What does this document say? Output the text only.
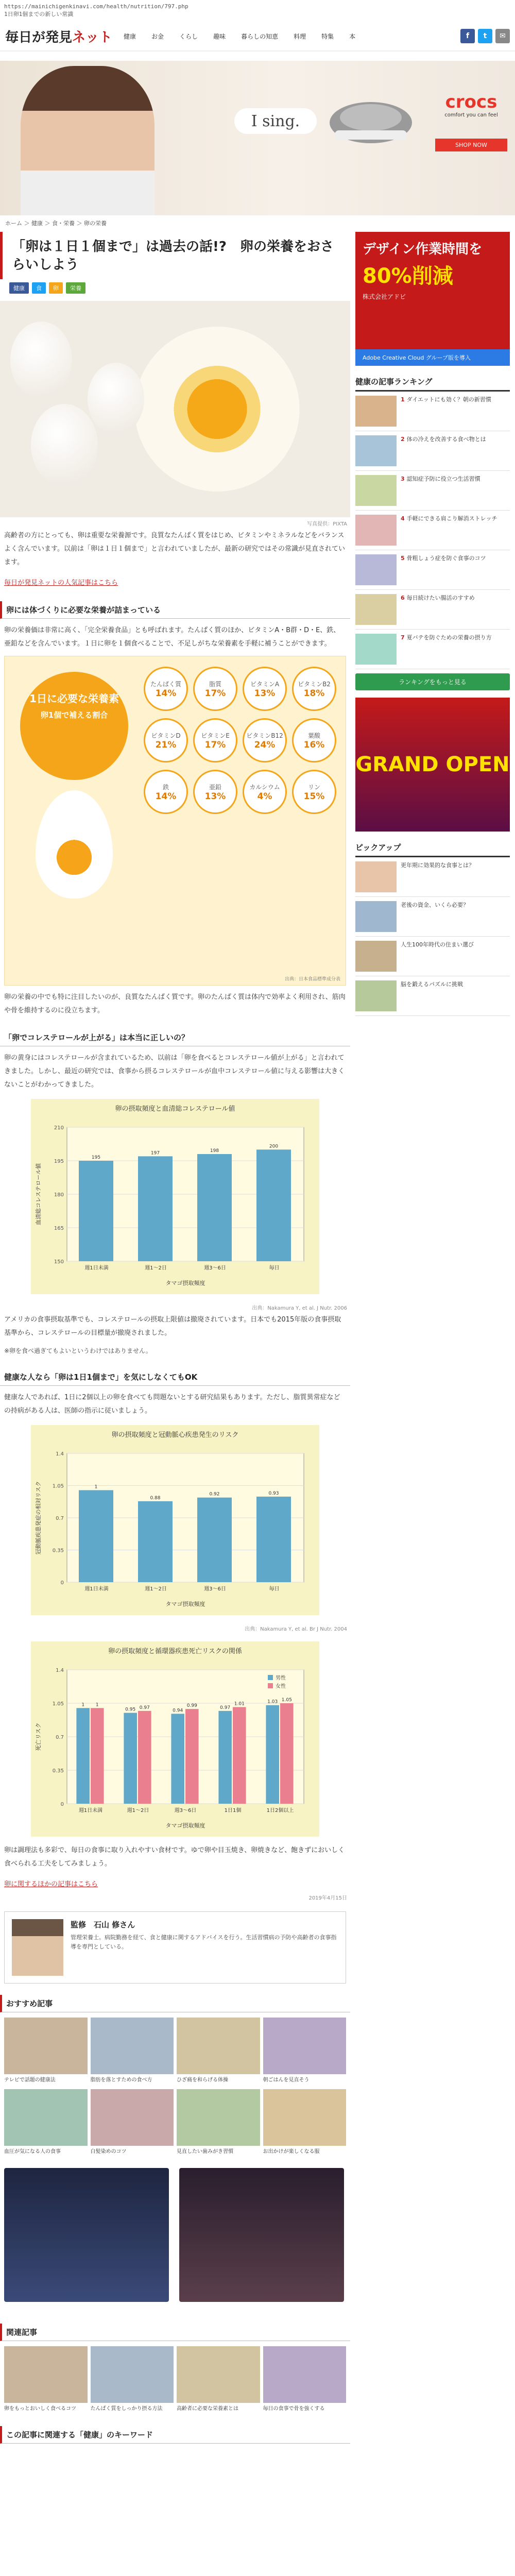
https://mainichigenkinavi.com/health/nutrition/797.php
1日卵1個までの新しい常識
毎日が発見ネット 健康	お金	くらし	趣味	暮らしの知恵	料理	特集	本	f	t	✉
I sing.
crocs
comfort you can feel
SHOP NOW
ホーム ＞ 健康 ＞ 食・栄養 ＞ 卵の栄養
「卵は１日１個まで」は過去の話!?　卵の栄養をおさらいしよう
健康	食	卵	栄養
写真提供：PIXTA

高齢者の方にとっても、卵は重要な栄養源です。良質なたんぱく質をはじめ、ビタミンやミネラルなどをバランスよく含んでいます。以前は「卵は１日１個まで」と言われていましたが、最新の研究ではその常識が見直されています。

毎日が発見ネットの人気記事はこちら

卵には体づくりに必要な栄養が詰まっている

卵の栄養価は非常に高く、「完全栄養食品」とも呼ばれます。たんぱく質のほか、ビタミンA・B群・D・E、鉄、亜鉛などを含んでいます。１日に卵を１個食べることで、不足しがちな栄養素を手軽に補うことができます。

1日に必要な栄養素
卵1個で補える割合
たんぱく質
14%
脂質
17%
ビタミンA
13%
ビタミンB2
18%
ビタミンD
21%
ビタミンE
17%
ビタミンB12
24%
葉酸
16%
鉄
14%
亜鉛
13%
カルシウム
4%
リン
15%
出典：日本食品標準成分表

卵の栄養の中でも特に注目したいのが、良質なたんぱく質です。卵のたんぱく質は体内で効率よく利用され、筋肉や骨を維持するのに役立ちます。

「卵でコレステロールが上がる」は本当に正しいの？

卵の黄身にはコレステロールが含まれているため、以前は「卵を食べるとコレステロール値が上がる」と言われてきました。しかし、最近の研究では、食事から摂るコレステロールが血中コレステロール値に与える影響は大きくないことがわかってきました。

卵の摂取頻度と血清総コレステロール値
150
165
180
195
210
195
週1日未満
197
週1〜2日
198
週3〜6日
200
毎日
血清総コレステロール値
タマゴ摂取頻度
出典：Nakamura Y, et al. J Nutr. 2006

アメリカの食事摂取基準でも、コレステロールの摂取上限値は撤廃されています。日本でも2015年版の食事摂取基準から、コレステロールの目標量が撤廃されました。

※卵を食べ過ぎてもよいというわけではありません。
健康な人なら「卵は1日1個まで」を気にしなくてもOK

健康な人であれば、1日に2個以上の卵を食べても問題ないとする研究結果もあります。ただし、脂質異常症などの持病がある人は、医師の指示に従いましょう。

卵の摂取頻度と冠動脈心疾患発生のリスク
0
0.35
0.7
1.05
1.4
1
週1日未満
0.88
週1〜2日
0.92
週3〜6日
0.93
毎日
冠動脈疾患発症の相対リスク
タマゴ摂取頻度
出典：Nakamura Y, et al. Br J Nutr. 2004
卵の摂取頻度と循環器疾患死亡リスクの関係
0
0.35
0.7
1.05
1.4
1 1
週1日未満
0.95 0.97
週1〜2日
0.94
0.99
週3〜6日
0.97
1.01
1日1個
1.03 1.05
1日2個以上
死亡リスク
タマゴ摂取頻度
男性
女性

卵は調理法も多彩で、毎日の食事に取り入れやすい食材です。ゆで卵や目玉焼き、卵焼きなど、飽きずにおいしく食べられる工夫をしてみましょう。

卵に関するほかの記事はこちら

2019年4月15日
監修　石山 修さん
管理栄養士。病院勤務を経て、食と健康に関するアドバイスを行う。生活習慣病の予防や高齢者の食事指導を専門としている。
おすすめ記事
テレビで話題の健康法	脂肪を落とすための食べ方	ひざ痛を和らげる体操	朝ごはんを見直そう
血圧が気になる人の食事	白髪染めのコツ	見直したい歯みがき習慣	お出かけが楽しくなる服
関連記事
卵をもっとおいしく食べるコツ	たんぱく質をしっかり摂る方法	高齢者に必要な栄養素とは	毎日の食事で骨を強くする
この記事に関連する「健康」のキーワード
デザイン作業時間を
80%削減
株式会社アドビ
Adobe Creative Cloud グループ版を導入
健康の記事ランキング
1 ダイエットにも効く？朝の新習慣
2 体の冷えを改善する食べ物とは
3 認知症予防に役立つ生活習慣
4 手軽にできる肩こり解消ストレッチ
5 骨粗しょう症を防ぐ食事のコツ
6 毎日続けたい腸活のすすめ
7 夏バテを防ぐための栄養の摂り方
ランキングをもっと見る
GRAND OPEN
ピックアップ
更年期に効果的な食事とは？
老後の資金、いくら必要？
人生100年時代の住まい選び
脳を鍛えるパズルに挑戦
